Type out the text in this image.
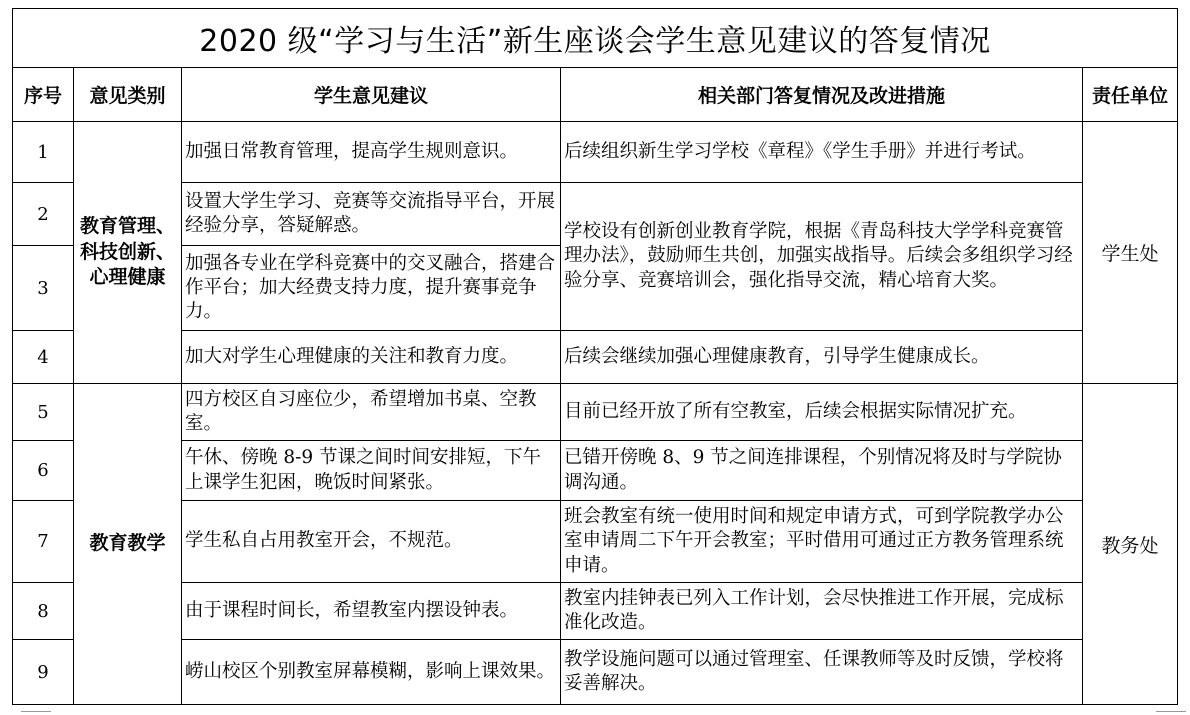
2020 级“学习与生活”新生座谈会学生意见建议的答复情况				
序号	意见类别	学生意见建议	相关部门答复情况及改进措施	责任单位
1	教育管理、科技创新、心理健康	加强日常教育管理，提高学生规则意识。	后续组织新生学习学校《章程》《学生手册》并进行考试。	学生处
2		设置大学生学习、竞赛等交流指导平台，开展经验分享，答疑解惑。	学校设有创新创业教育学院，根据《青岛科技大学学科竞赛管理办法》，鼓励师生共创，加强实战指导。后续会多组织学习经验分享、竞赛培训会，强化指导交流，精心培育大奖。	
3		加强各专业在学科竞赛中的交叉融合，搭建合作平台；加大经费支持力度，提升赛事竞争力。		
4		加大对学生心理健康的关注和教育力度。	后续会继续加强心理健康教育，引导学生健康成长。	
5	教育教学	四方校区自习座位少，希望增加书桌、空教室。	目前已经开放了所有空教室，后续会根据实际情况扩充。	教务处
6		午休、傍晚 8-9 节课之间时间安排短，下午上课学生犯困，晚饭时间紧张。	已错开傍晚 8、9 节之间连排课程，个别情况将及时与学院协调沟通。	
7		学生私自占用教室开会，不规范。	班会教室有统一使用时间和规定申请方式，可到学院教学办公室申请周二下午开会教室；平时借用可通过正方教务管理系统申请。	
8		由于课程时间长，希望教室内摆设钟表。	教室内挂钟表已列入工作计划，会尽快推进工作开展，完成标准化改造。	
9		崂山校区个别教室屏幕模糊，影响上课效果。	教学设施问题可以通过管理室、任课教师等及时反馈，学校将妥善解决。	
